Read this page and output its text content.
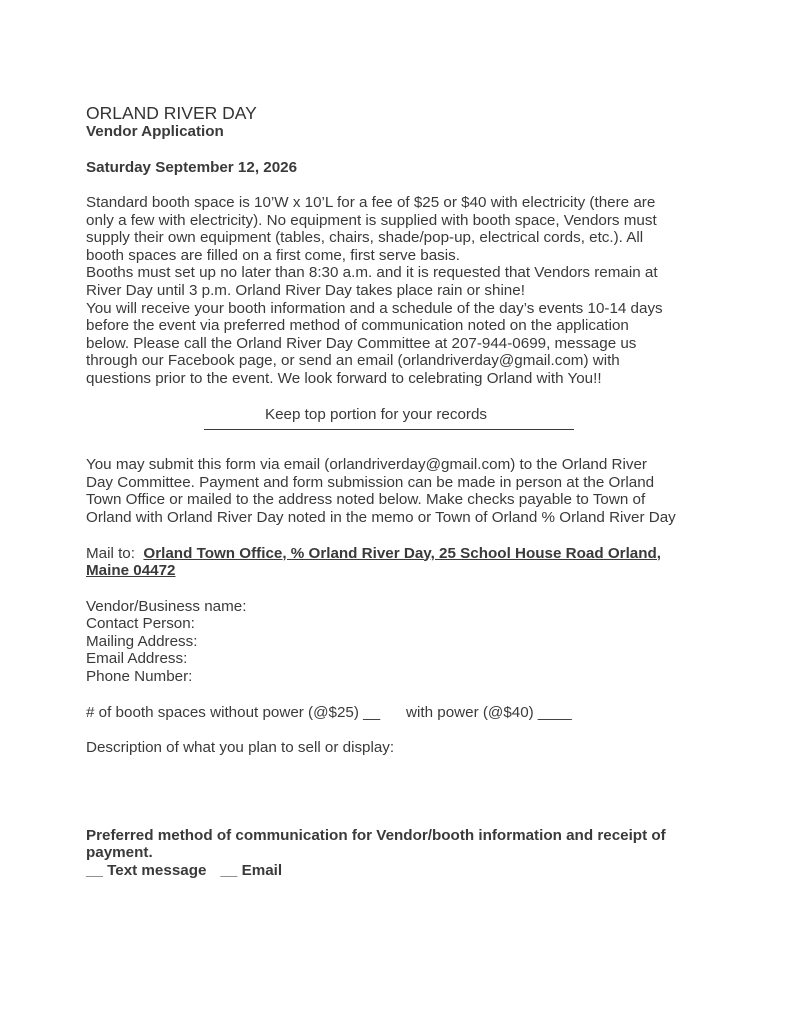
ORLAND RIVER DAY
Vendor Application
Saturday September 12, 2026
Standard booth space is 10’W x 10’L for a fee of $25 or $40 with electricity (there are
only a few with electricity). No equipment is supplied with booth space, Vendors must
supply their own equipment (tables, chairs, shade/pop-up, electrical cords, etc.). All
booth spaces are filled on a first come, first serve basis.
Booths must set up no later than 8:30 a.m. and it is requested that Vendors remain at
River Day until 3 p.m. Orland River Day takes place rain or shine!
You will receive your booth information and a schedule of the day’s events 10-14 days
before the event via preferred method of communication noted on the application
below. Please call the Orland River Day Committee at 207-944-0699, message us
through our Facebook page, or send an email (orlandriverday@gmail.com) with
questions prior to the event. We look forward to celebrating Orland with You!!
Keep top portion for your records
You may submit this form via email (orlandriverday@gmail.com) to the Orland River
Day Committee. Payment and form submission can be made in person at the Orland
Town Office or mailed to the address noted below. Make checks payable to Town of
Orland with Orland River Day noted in the memo or Town of Orland % Orland River Day
Mail to:  Orland Town Office, % Orland River Day, 25 School House Road Orland,
Maine 04472
Vendor/Business name:
Contact Person:
Mailing Address:
Email Address:
Phone Number:
# of booth spaces without power (@$25) __ with power (@$40) ____
Description of what you plan to sell or display:
Preferred method of communication for Vendor/booth information and receipt of
payment.
__ Text message __ Email
